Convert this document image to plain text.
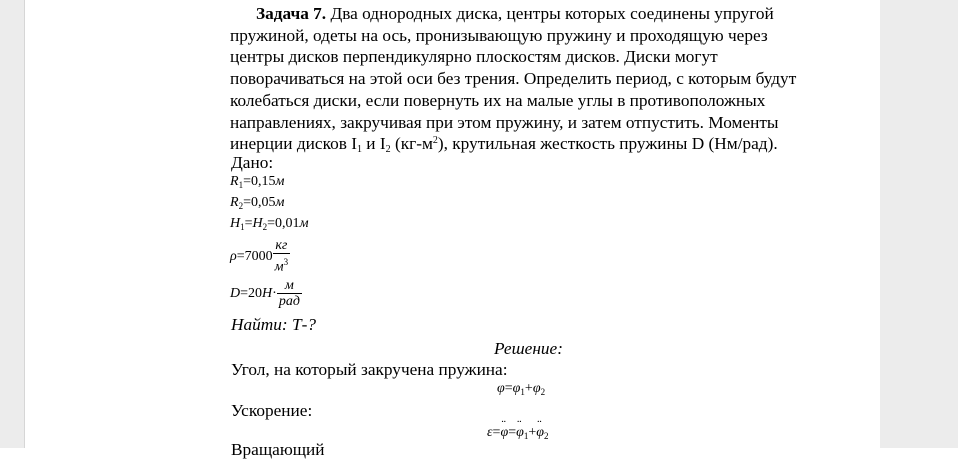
Задача 7. Два однородных диска, центры которых соединены упругой

пружиной, одеты на ось, пронизывающую пружину и проходящую через

центры дисков перпендикулярно плоскостям дисков. Диски могут

поворачиваться на этой оси без трения. Определить период, с которым будут

колебаться диски, если повернуть их на малые углы в противоположных

направлениях, закручивая при этом пружину, и затем отпустить. Моменты

инерции дисков $I_1$ и $I_2$ $(кг-м^2)$, крутильная жесткость пружины D (Нм/рад).

Дано:
$R_1=0,15м$
$R_2=0,05м$
$H_1=H_2=0,01м$
$\rho=7000 \frac{кг}{м^3}$
$D=20H\cdot \frac{м}{\text{рад}}$
Найти: Т-?
Решение:
Угол, на который закручена пружина:
$\varphi=\varphi_1+\varphi_2$
Ускорение:
ε=φ ¨=φ $¨_1+\varphi$ $¨_2$
Вращающий
